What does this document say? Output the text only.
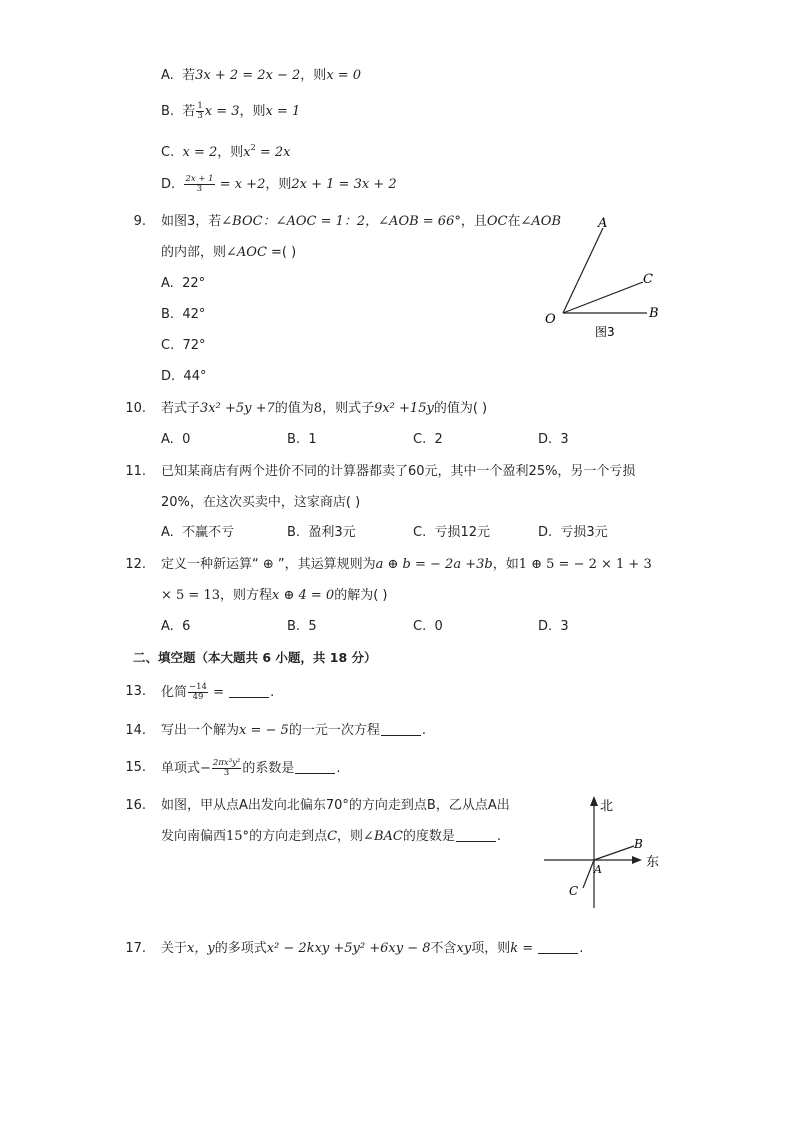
A. 若3x + 2 = 2x − 2，则x = 0
B. 若 $\frac{1}{3}$ x = 3，则x = 1
C. x = 2，则$x^2 = 2x$
D. $\frac{2x + 1}{3} = x +2$，则2x + 1 = 3x + 2
9. 如图3，若∠BOC：∠AOC = 1：2，∠AOB = 66°，且OC在∠AOB
的内部，则∠AOC =( )
A. 22°
B. 42°
C. 72°
D. 44°
A
C
O	B
图3
10. 若式子3x² +5y +7的值为8，则式子9x² +15y的值为( )
A. 0	B. 1	C. 2	D. 3
11. 已知某商店有两个进价不同的计算器都卖了60元，其中一个盈利25%，另一个亏损
20%，在这次买卖中，这家商店( )
A. 不赢不亏	B. 盈利3元	C. 亏损12元	D. 亏损3元
12. 定义一种新运算“ ⊕ ”，其运算规则为a ⊕ b = − 2a +3b，如1 ⊕ 5 = − 2 × 1 + 3
× 5 = 13，则方程x ⊕ 4 = 0的解为( )
A. 6	B. 5	C. 0	D. 3
二、填空题（本大题共 6 小题，共 18 分）
13. 化简 $\frac{-14}{49}$ =	.
14. 写出一个解为x = − 5的一元一次方程	.
15. 单项式− $\frac{\text{2πx³y²}}{3}$ 的系数是	.
16. 如图，甲从点A出发向北偏东70°的方向走到点B，乙从点A出
发向南偏西15°的方向走到点C，则∠BAC的度数是	.
北
东
B
A
C
17. 关于x，y的多项式x² − 2kxy +5y² +6xy − 8不含xy项，则k =	.
